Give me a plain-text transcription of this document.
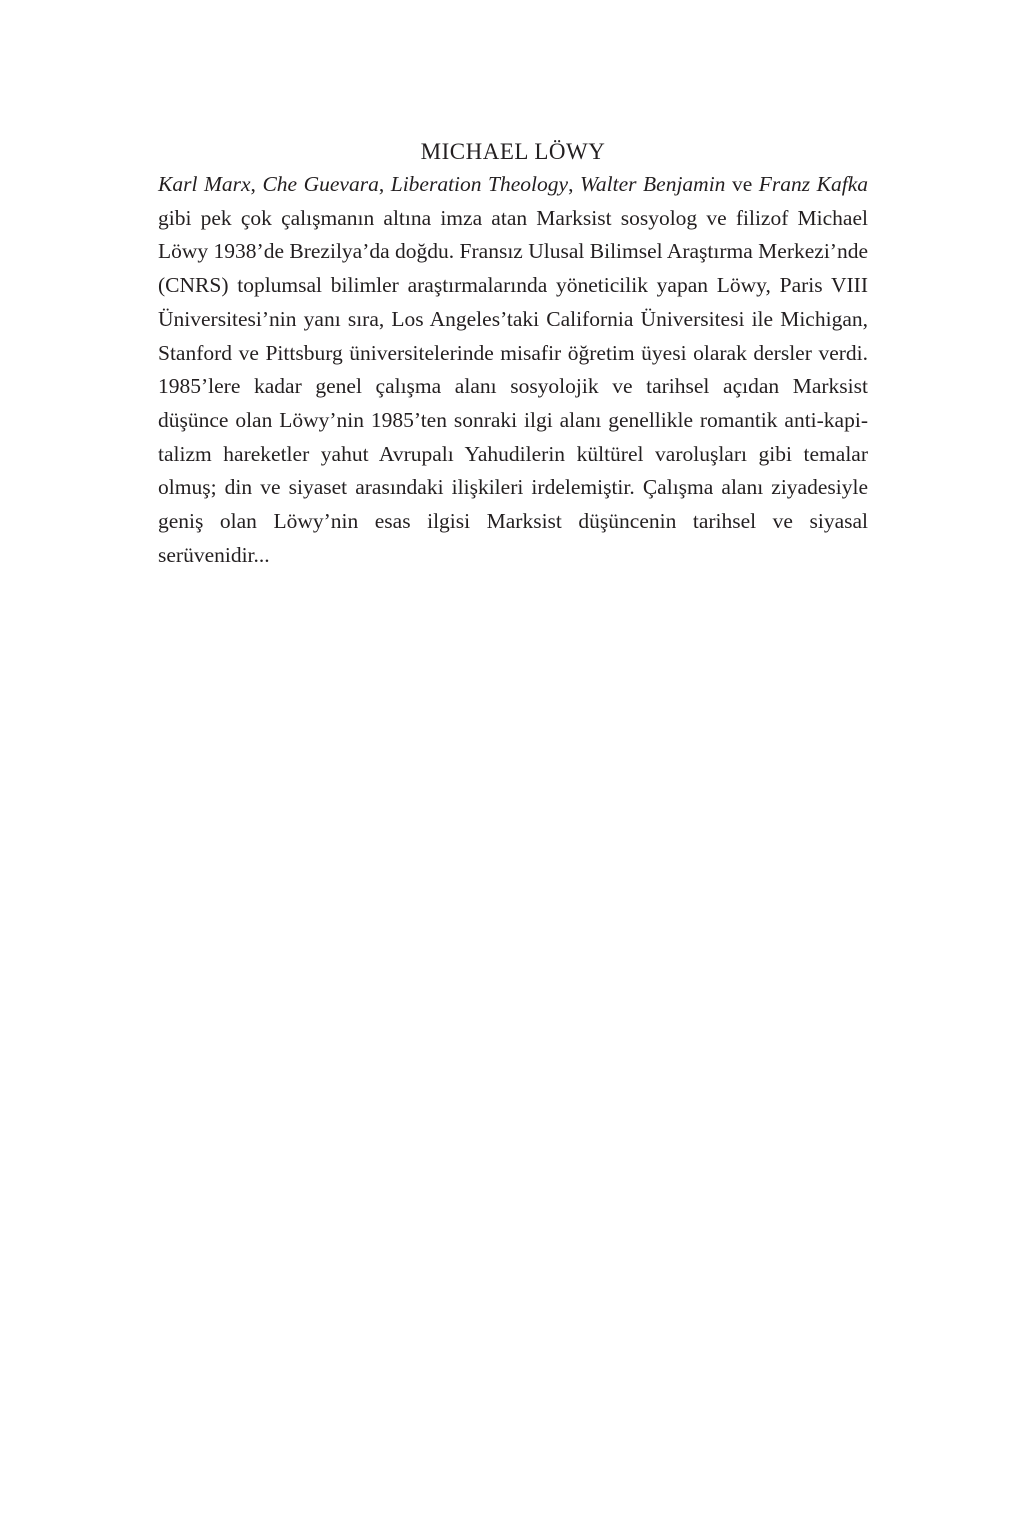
MICHAEL LÖWY

Karl Marx, Che Guevara, Liberation Theology, Walter Benjamin ve Franz Kafka gibi pek çok çalışmanın altına imza atan Marksist sosyolog ve filizof Michael Löwy 1938’de Brezilya’da doğdu. Fransız Ulusal Bilimsel Araştırma Merkezi’nde (CNRS) toplumsal bilimler araştırmalarında yöneticilik yapan Löwy, Paris VIII Üniversitesi’nin yanı sıra, Los Angeles’taki California Üniversitesi ile Michigan, Stanford ve Pittsburg üniversitelerinde misafir öğretim üyesi olarak dersler verdi. 1985’lere kadar genel çalışma alanı sosyolojik ve tarihsel açıdan Marksist düşünce olan Löwy’nin 1985’ten sonraki ilgi alanı genellikle romantik anti-kapitalizm hareketler yahut Avrupalı Yahudilerin kültürel varoluşları gibi temalar olmuş; din ve siyaset arasındaki ilişkileri irdelemiştir. Çalışma alanı ziyadesiyle geniş olan Löwy’nin esas ilgisi Marksist düşüncenin tarihsel ve siyasal serüvenidir...
